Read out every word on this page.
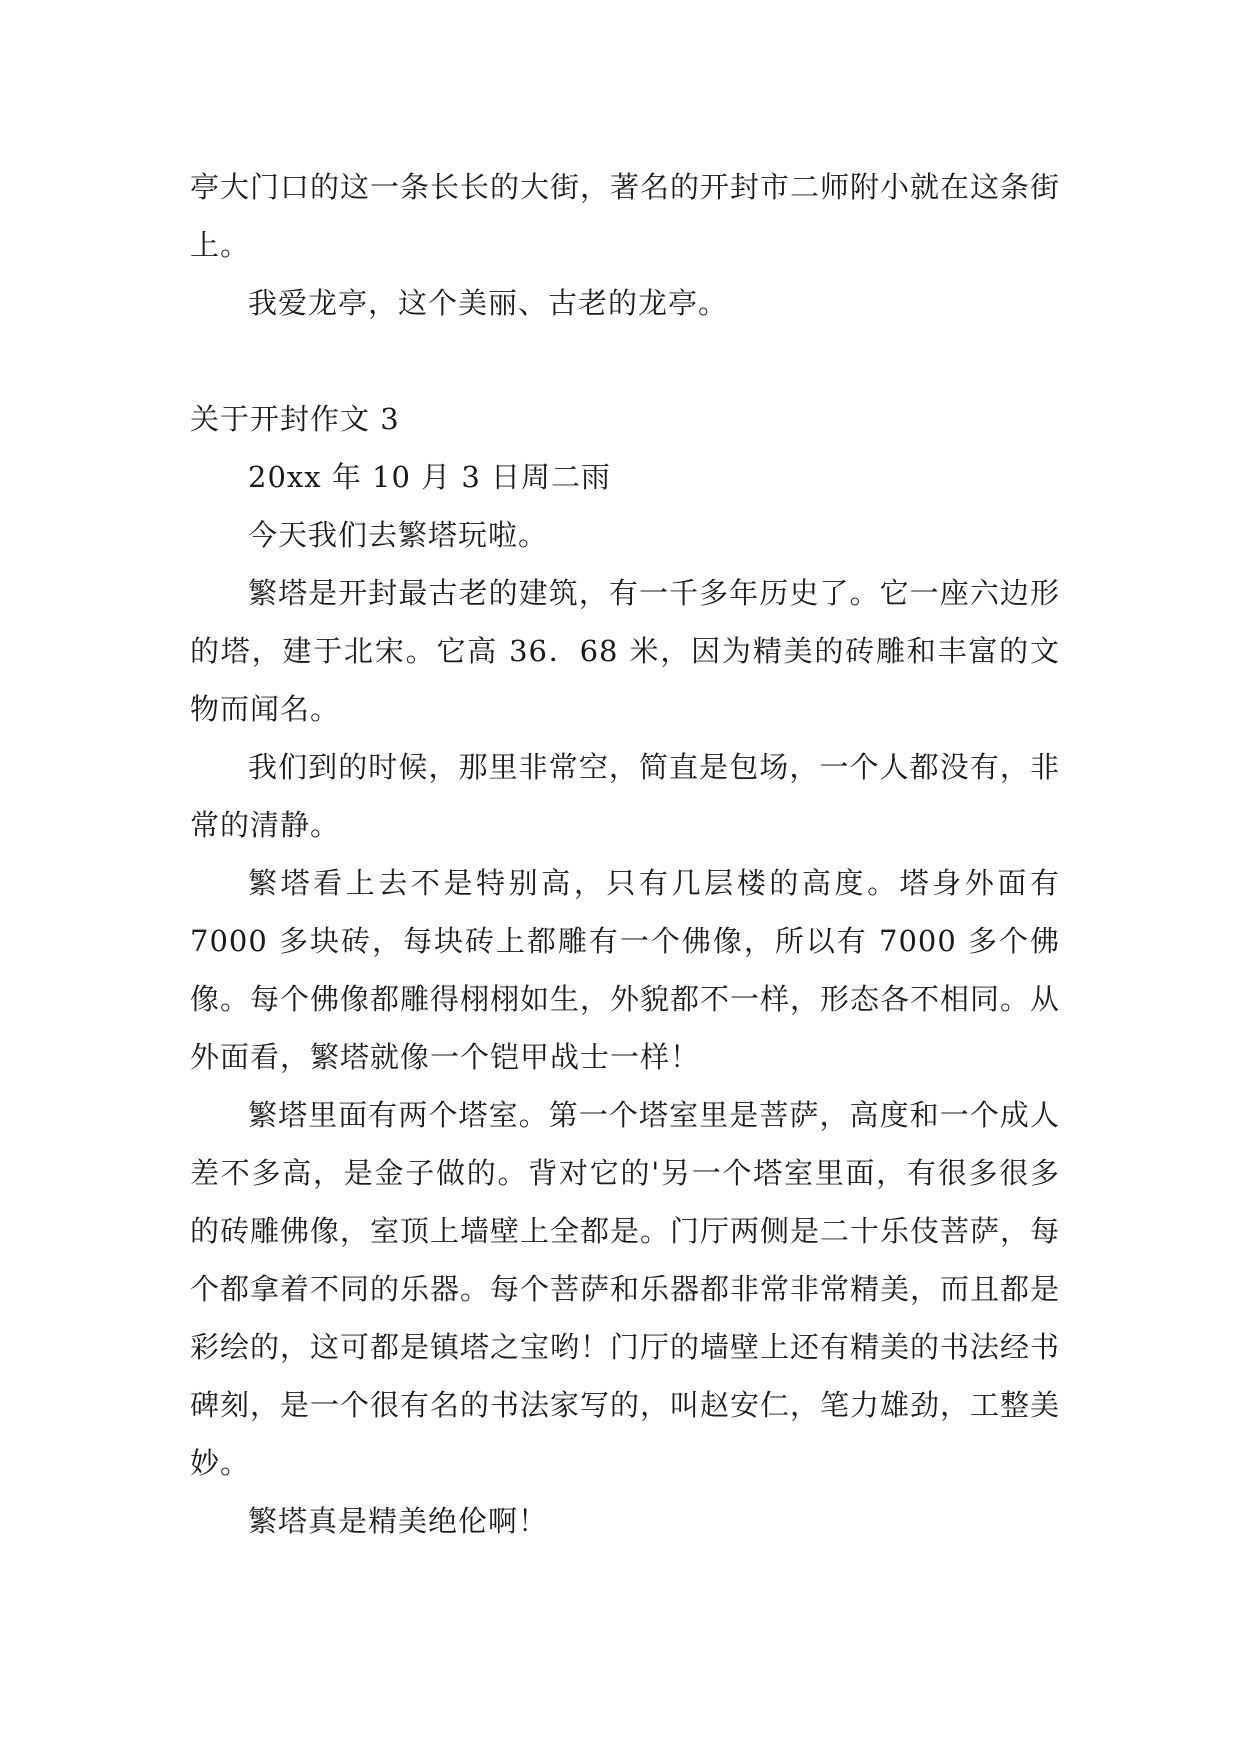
亭大门口的这一条长长的大街，著名的开封市二师附小就在这条街上。

我爱龙亭，这个美丽、古老的龙亭。

关于开封作文 3

20xx 年 10 月 3 日周二雨

今天我们去繁塔玩啦。

繁塔是开封最古老的建筑，有一千多年历史了。它一座六边形的塔，建于北宋。它高 36．68 米，因为精美的砖雕和丰富的文物而闻名。

我们到的时候，那里非常空，简直是包场，一个人都没有，非常的清静。

繁塔看上去不是特别高，只有几层楼的高度。塔身外面有 7000 多块砖，每块砖上都雕有一个佛像，所以有 7000 多个佛像。每个佛像都雕得栩栩如生，外貌都不一样，形态各不相同。从外面看，繁塔就像一个铠甲战士一样！

繁塔里面有两个塔室。第一个塔室里是菩萨，高度和一个成人差不多高，是金子做的。背对它的'另一个塔室里面，有很多很多的砖雕佛像，室顶上墙壁上全都是。门厅两侧是二十乐伎菩萨，每个都拿着不同的乐器。每个菩萨和乐器都非常非常精美，而且都是彩绘的，这可都是镇塔之宝哟！门厅的墙壁上还有精美的书法经书碑刻，是一个很有名的书法家写的，叫赵安仁，笔力雄劲，工整美妙。

繁塔真是精美绝伦啊！
